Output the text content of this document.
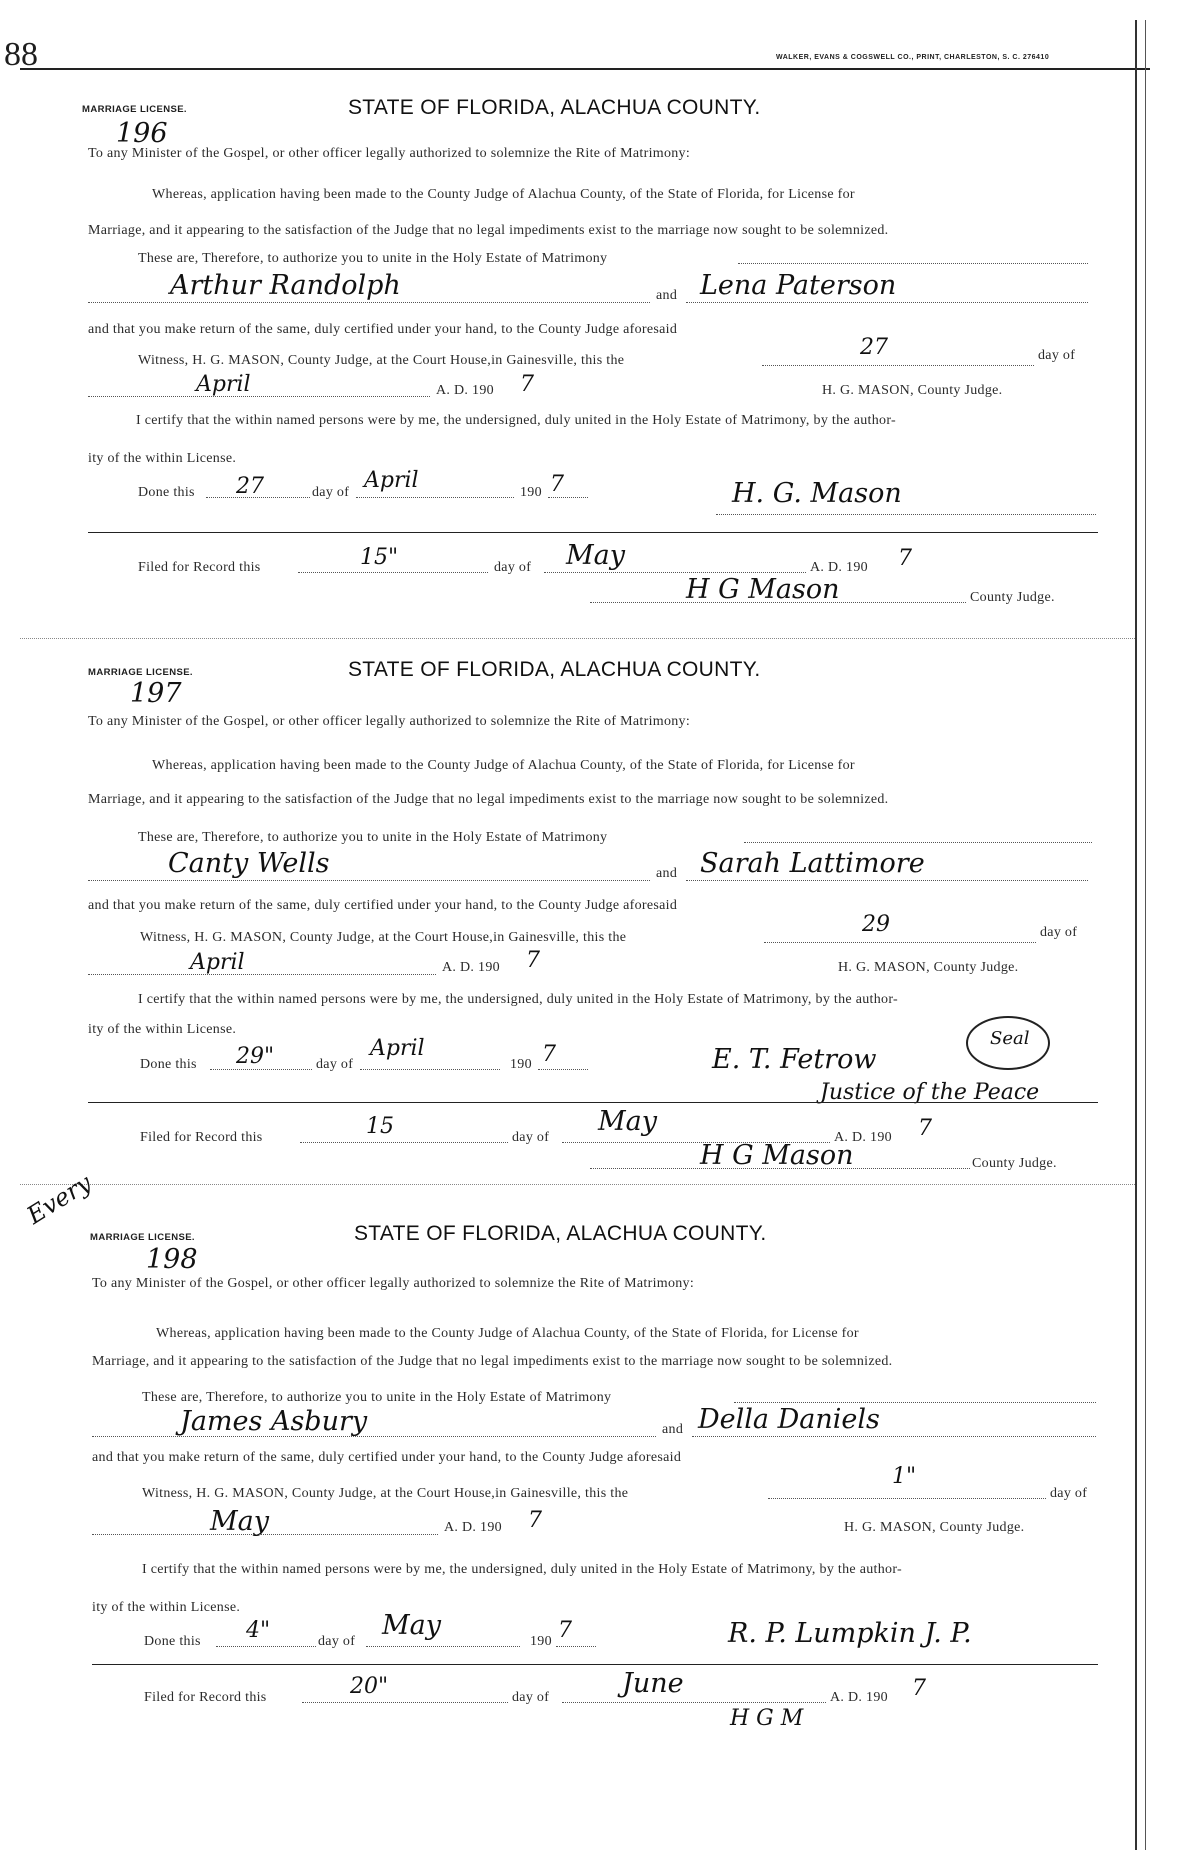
88	WALKER, EVANS & COGSWELL CO., PRINT, CHARLESTON, S. C. 276410
MARRIAGE LICENSE.	STATE OF FLORIDA, ALACHUA COUNTY.
196
To any Minister of the Gospel, or other officer legally authorized to solemnize the Rite of Matrimony:
Whereas, application having been made to the County Judge of Alachua County, of the State of Florida, for License for
Marriage, and it appearing to the satisfaction of the Judge that no legal impediments exist to the marriage now sought to be solemnized.
These are, Therefore, to authorize you to unite in the Holy Estate of Matrimony
Arthur Randolph	and Lena Paterson
and that you make return of the same, duly certified under your hand, to the County Judge aforesaid
Witness, H. G. MASON, County Judge, at the Court House,in Gainesville, this the
27	day of
April	A. D. 190 7	H. G. MASON, County Judge.
I certify that the within named persons were by me, the undersigned, duly united in the Holy Estate of Matrimony, by the author-
ity of the within License.
Done this 27	day of April	190 7	H. G. Mason
Filed for Record this	15"	day of May	A. D. 190 7
H G Mason	County Judge.
MARRIAGE LICENSE.	STATE OF FLORIDA, ALACHUA COUNTY.
197
To any Minister of the Gospel, or other officer legally authorized to solemnize the Rite of Matrimony:
Whereas, application having been made to the County Judge of Alachua County, of the State of Florida, for License for
Marriage, and it appearing to the satisfaction of the Judge that no legal impediments exist to the marriage now sought to be solemnized.
These are, Therefore, to authorize you to unite in the Holy Estate of Matrimony
Canty Wells	and Sarah Lattimore
and that you make return of the same, duly certified under your hand, to the County Judge aforesaid
Witness, H. G. MASON, County Judge, at the Court House,in Gainesville, this the
29	day of
April	A. D. 190 7	H. G. MASON, County Judge.
I certify that the within named persons were by me, the undersigned, duly united in the Holy Estate of Matrimony, by the author-
ity of the within License.
Done this 29"	day of
April
190 7	E. T. Fetrow
Justice of the Peace
Seal
Filed for Record this	15	day of
May
A. D. 190 7
H G Mason	County Judge.
Every
MARRIAGE LICENSE.	STATE OF FLORIDA, ALACHUA COUNTY.
198
To any Minister of the Gospel, or other officer legally authorized to solemnize the Rite of Matrimony:
Whereas, application having been made to the County Judge of Alachua County, of the State of Florida, for License for
Marriage, and it appearing to the satisfaction of the Judge that no legal impediments exist to the marriage now sought to be solemnized.
These are, Therefore, to authorize you to unite in the Holy Estate of Matrimony
James Asbury	and Della Daniels
and that you make return of the same, duly certified under your hand, to the County Judge aforesaid
Witness, H. G. MASON, County Judge, at the Court House,in Gainesville, this the
1"
day of
May	A. D. 190 7	H. G. MASON, County Judge.
I certify that the within named persons were by me, the undersigned, duly united in the Holy Estate of Matrimony, by the author-
ity of the within License.
Done this 4"	day of
May
190 7	R. P. Lumpkin J. P.
Filed for Record this	20"	day of	June	A. D. 190 7
H G M
